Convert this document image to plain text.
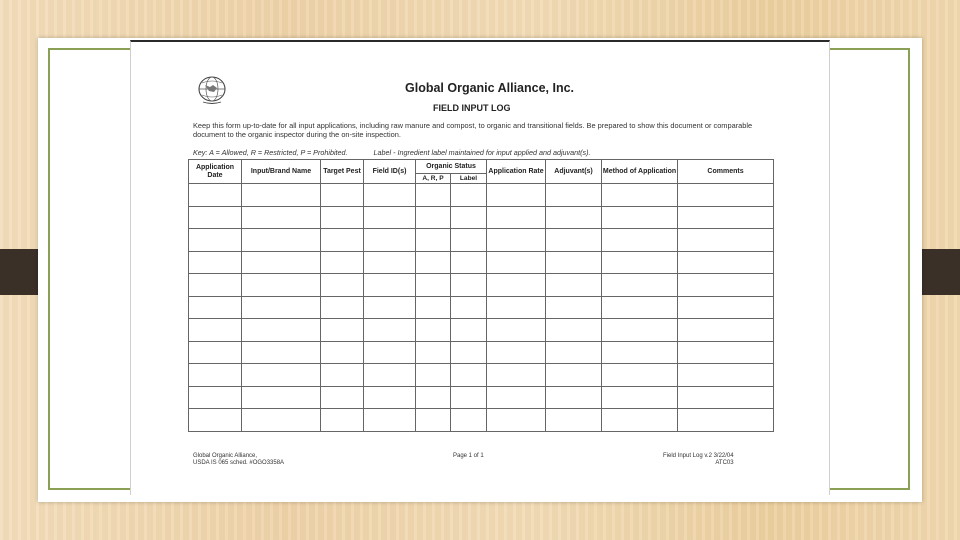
Global Organic Alliance, Inc.
FIELD INPUT LOG
Keep this form up-to-date for all input applications, including raw manure and compost, to organic and transitional fields. Be prepared to show this document or comparable document to the organic inspector during the on-site inspection.
Key: A = Allowed, R = Restricted, P = Prohibited.	Label - Ingredient label maintained for input applied and adjuvant(s).
Application Date	Input/Brand Name	Target Pest	Field ID(s)	Organic Status		Application Rate	Adjuvant(s)	Method of Application	Comments
				A, R, P	Label				

Global Organic Alliance,
USDA IS 065 sched. #OGO3358A
Page 1 of 1	Field Input Log v.2 3/22/04
ATC03
